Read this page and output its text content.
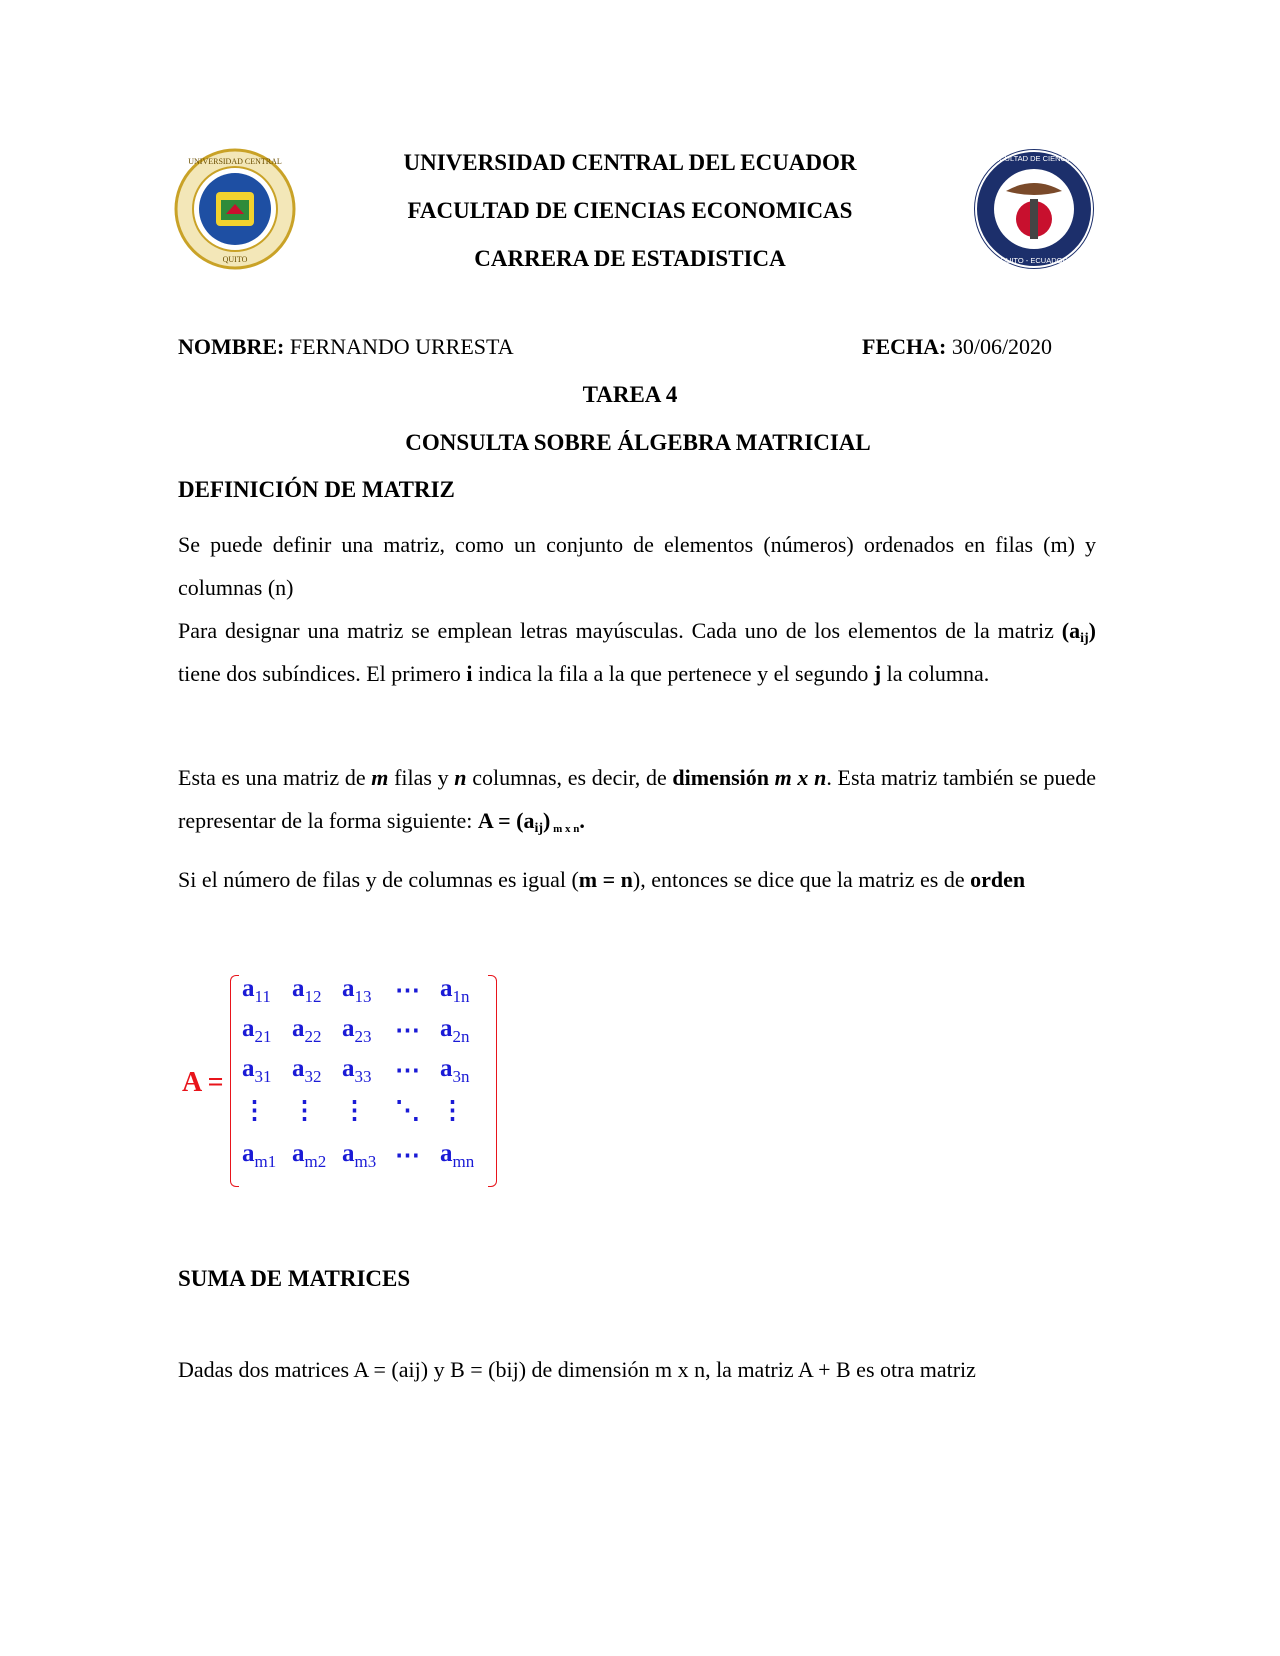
UNIVERSIDAD CENTRAL
QUITO
UNIVERSIDAD CENTRAL DEL ECUADOR
FACULTAD DE CIENCIAS ECONOMICAS
CARRERA DE ESTADISTICA
FACULTAD DE CIENCIAS
QUITO - ECUADOR
NOMBRE: FERNANDO URRESTA	FECHA: 30/06/2020
TAREA 4
CONSULTA SOBRE ÁLGEBRA MATRICIAL
DEFINICIÓN DE MATRIZ
Se puede definir una matriz, como un conjunto de elementos (números) ordenados en filas (m) y columnas (n)
Para designar una matriz se emplean letras mayúsculas. Cada uno de los elementos de la matriz $(a_{ij})$ tiene dos subíndices. El primero i indica la fila a la que pertenece y el segundo j la columna.
Esta es una matriz de m filas y n columnas, es decir, de dimensión m x n. Esta matriz también se puede representar de la forma siguiente: $A = (a_{ij})$ $_{m x n}$.
Si el número de filas y de columnas es igual (m = n), entonces se dice que la matriz es de orden
A =
$a_{11}$ $a_{12}$ $a_{13}$ ⋯ $a_{1n}$
$a_{21}$ $a_{22}$ $a_{23}$ ⋯ $a_{2n}$
$a_{31}$ $a_{32}$ $a_{33}$ ⋯ $a_{3n}$
⋮ ⋮ ⋮ ⋱ ⋮
$a_{m1}$ $a_{m2}$ $a_{m3}$ ⋯ $a_{mn}$
SUMA DE MATRICES
Dadas dos matrices A = (aij) y B = (bij) de dimensión m x n, la matriz A + B es otra matriz
